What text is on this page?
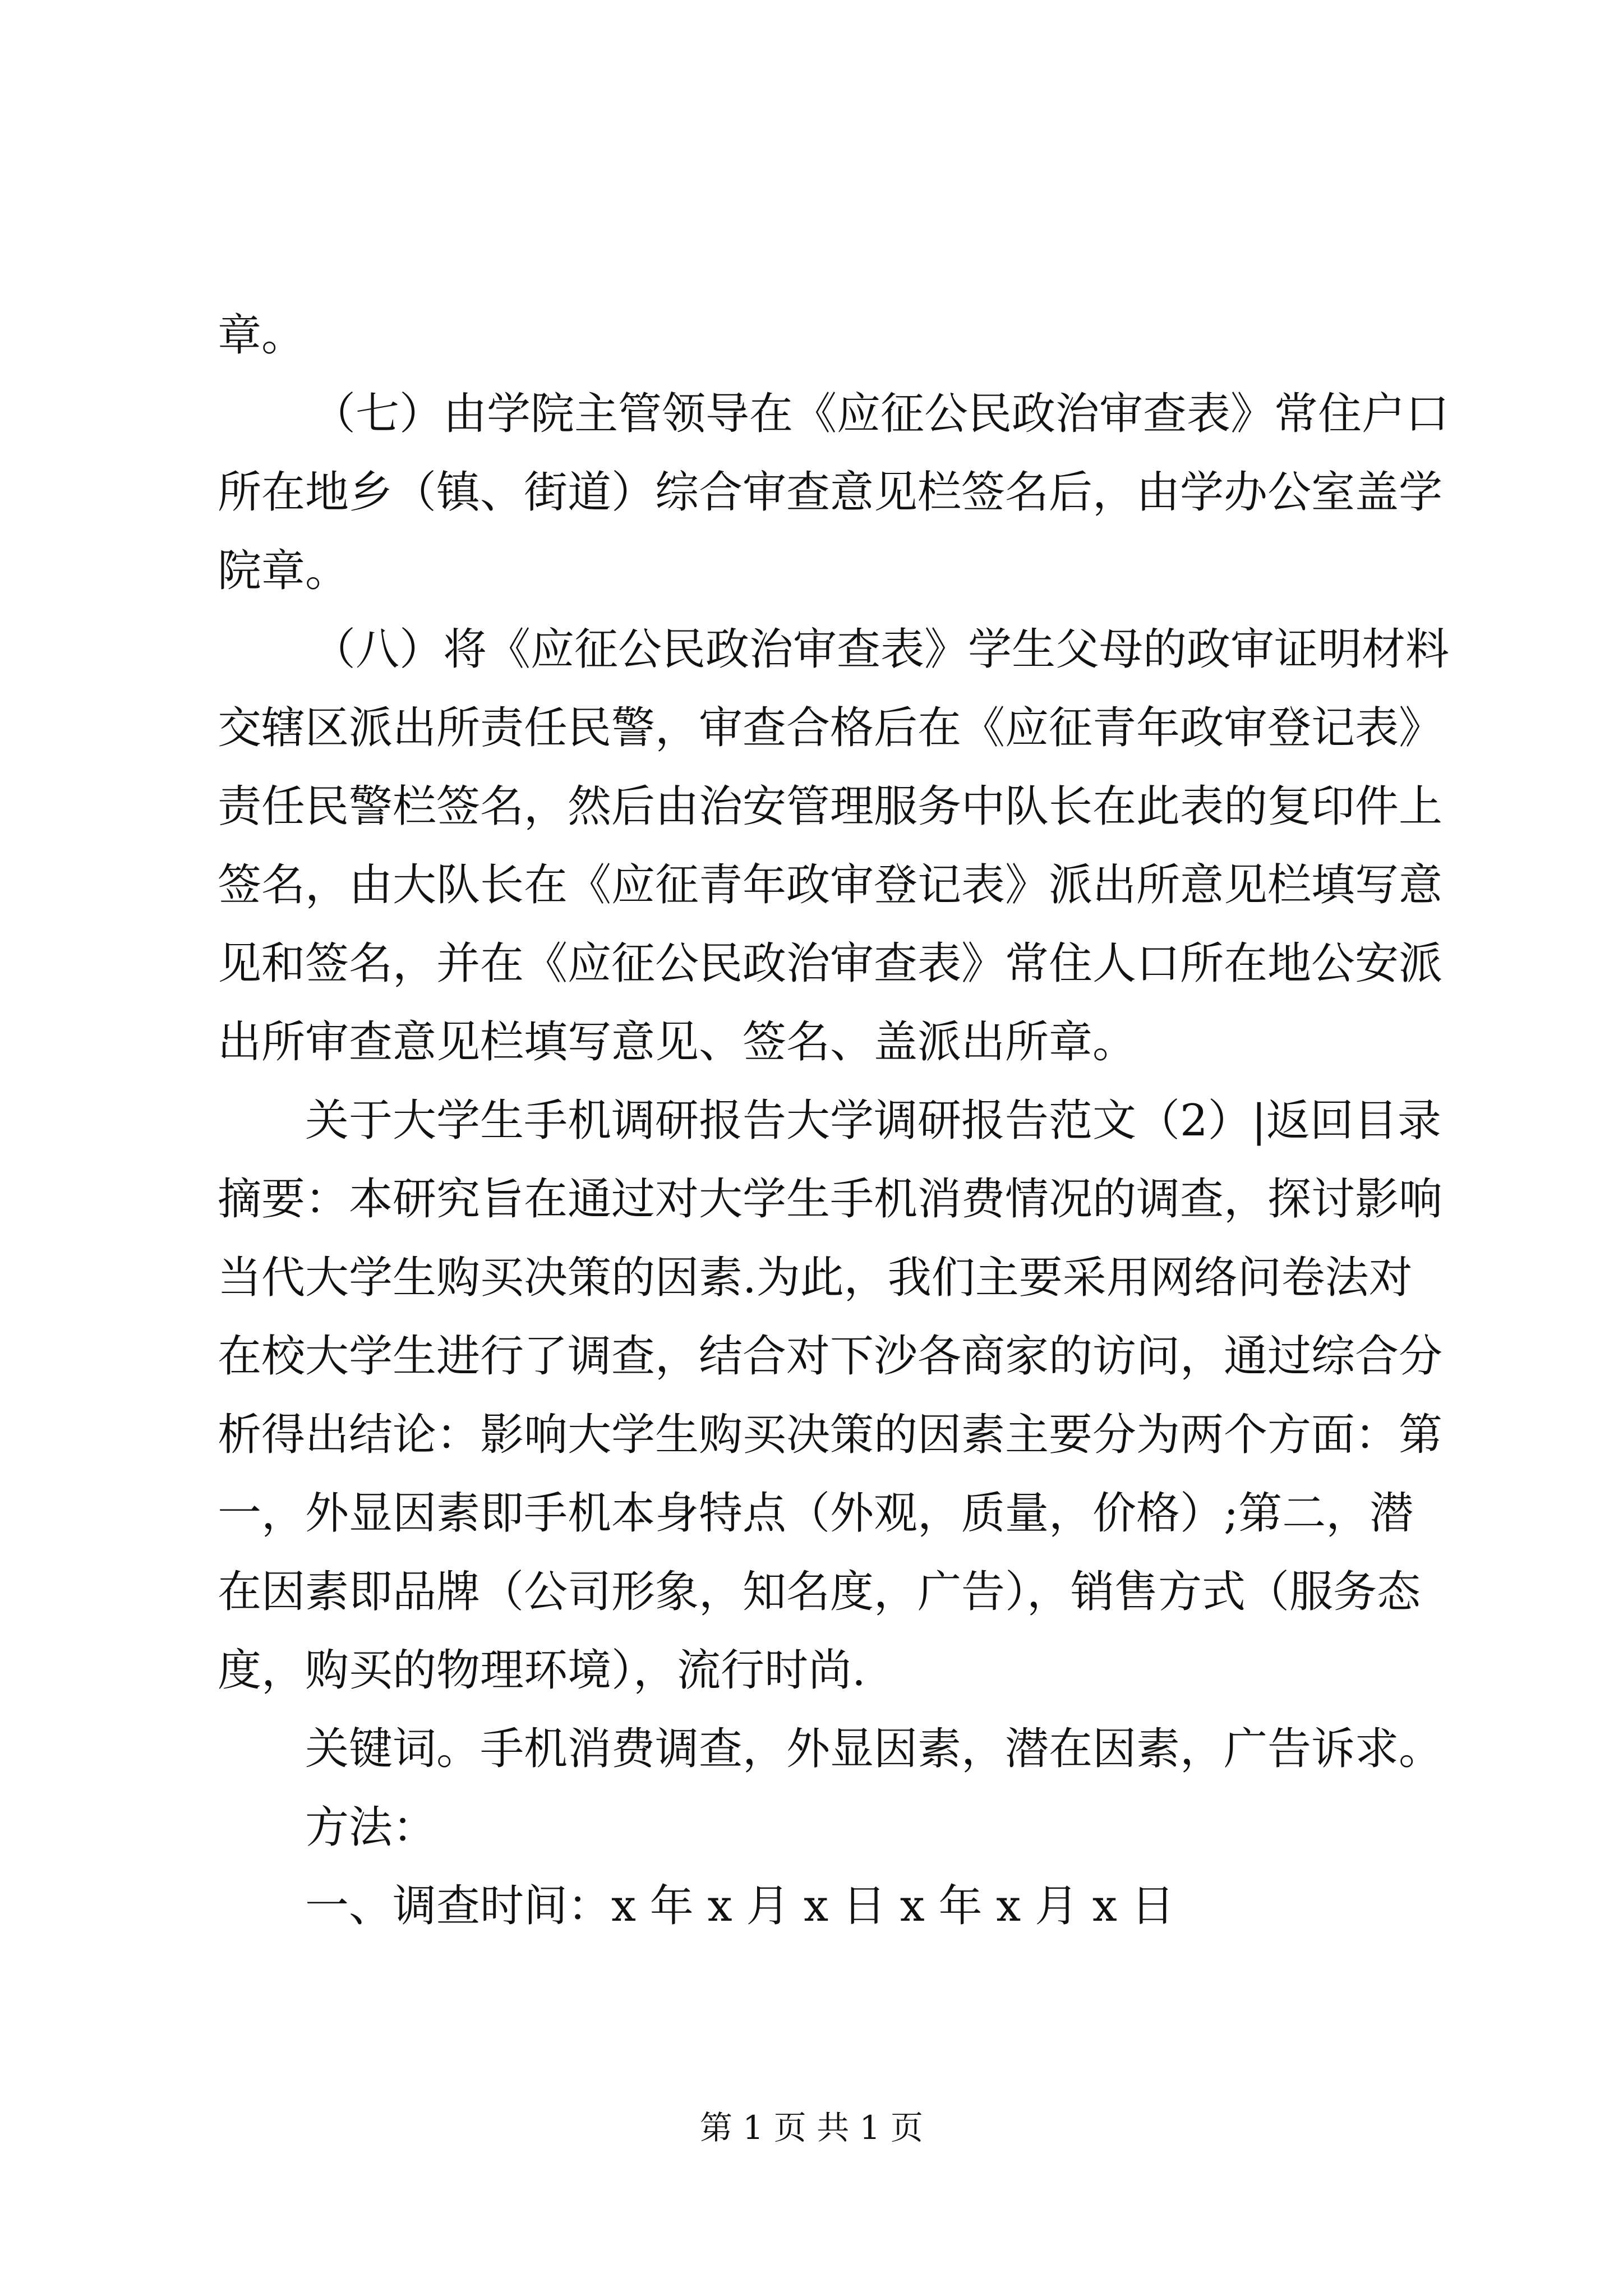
章。
（七）由学院主管领导在《应征公民政治审查表》常住户口
所在地乡（镇、街道）综合审查意见栏签名后，由学办公室盖学
院章。
（八）将《应征公民政治审查表》学生父母的政审证明材料
交辖区派出所责任民警，审查合格后在《应征青年政审登记表》
责任民警栏签名，然后由治安管理服务中队长在此表的复印件上
签名，由大队长在《应征青年政审登记表》派出所意见栏填写意
见和签名，并在《应征公民政治审查表》常住人口所在地公安派
出所审查意见栏填写意见、签名、盖派出所章。
关于大学生手机调研报告大学调研报告范文（2）|返回目录
摘要：本研究旨在通过对大学生手机消费情况的调查，探讨影响
当代大学生购买决策的因素.为此，我们主要采用网络问卷法对
在校大学生进行了调查，结合对下沙各商家的访问，通过综合分
析得出结论：影响大学生购买决策的因素主要分为两个方面：第
一，外显因素即手机本身特点（外观，质量，价格）;第二，潜
在因素即品牌（公司形象，知名度，广告），销售方式（服务态
度，购买的物理环境），流行时尚.
关键词。手机消费调查，外显因素，潜在因素，广告诉求。
方法：
一、调查时间：x 年 x 月 x 日 x 年 x 月 x 日
第 1 页 共 1 页
